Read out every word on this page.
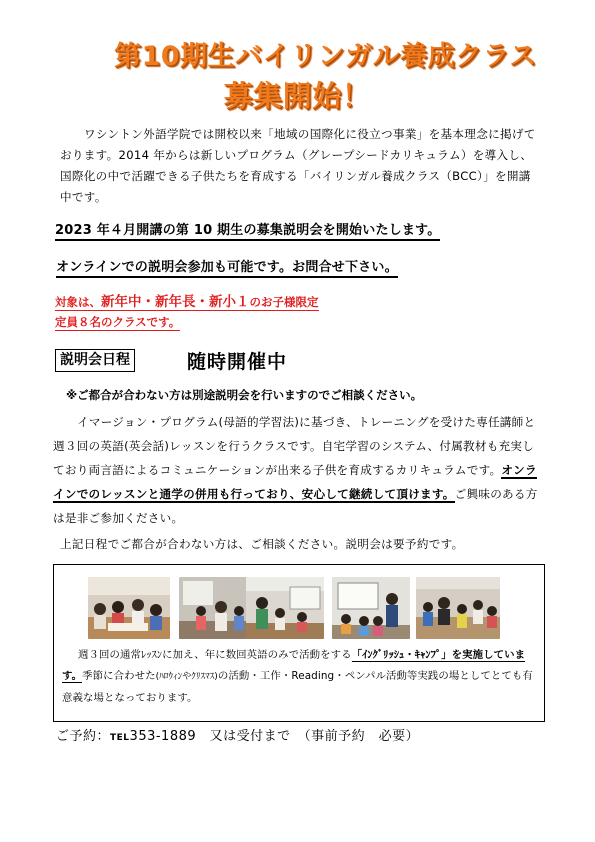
第10期生バイリンガル養成クラス
募集開始！
ワシントン外語学院では開校以来「地域の国際化に役立つ事業」を基本理念に掲げております。2014 年からは新しいプログラム（グレープシードカリキュラム）を導入し、国際化の中で活躍できる子供たちを育成する「バイリンガル養成クラス（BCC）」を開講中です。
2023 年４月開講の第 10 期生の募集説明会を開始いたします。
オンラインでの説明会参加も可能です。お問合せ下さい。
対象は、新年中・新年長・新小１のお子様限定
定員８名のクラスです。
説明会日程	随時開催中
※ご都合が合わない方は別途説明会を行いますのでご相談ください。
イマージョン・プログラム(母語的学習法)に基づき、トレーニングを受けた専任講師と週３回の英語(英会話)レッスンを行うクラスです。自宅学習のシステム、付属教材も充実しており両言語によるコミュニケーションが出来る子供を育成するカリキュラムです。オンラインでのレッスンと通学の併用も行っており、安心して継続して頂けます。ご興味のある方は是非ご参加ください。
上記日程でご都合が合わない方は、ご相談ください。説明会は要予約です。
週３回の通常ﾚｯｽﾝに加え、年に数回英語のみで活動をする「ｲﾝｸﾞﾘｯｼｭ・ｷｬﾝﾌﾟ」を実施しています。季節に合わせた(ﾊﾛｳｨﾝやｸﾘｽﾏｽ)の活動・工作・Reading・ペンパル活動等実践の場としてとても有意義な場となっております。
ご予約：TEL353-1889　又は受付まで　（事前予約　必要）
